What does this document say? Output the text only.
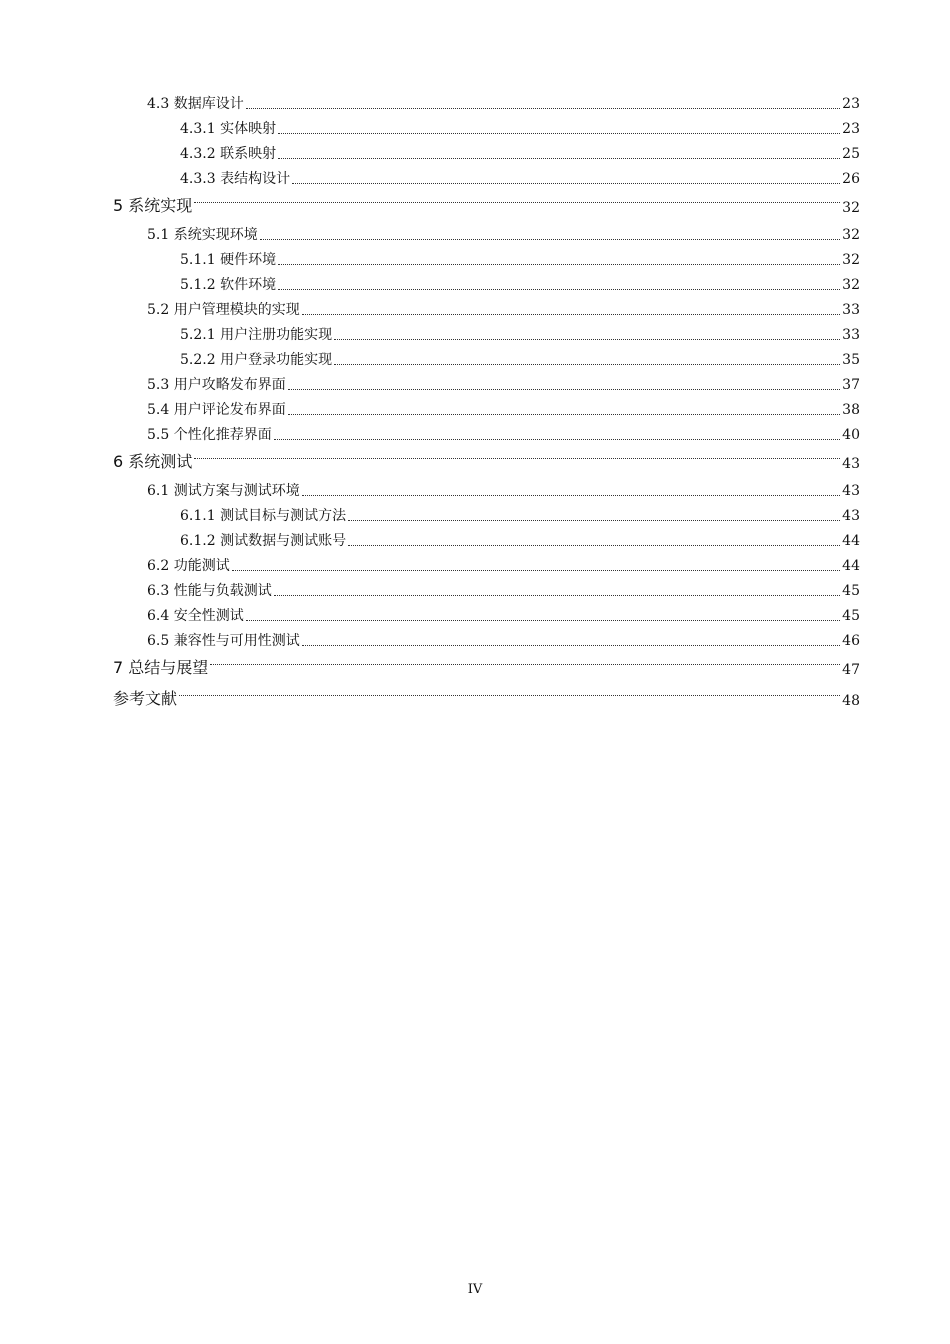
4.3 数据库设计	23
4.3.1 实体映射	23
4.3.2 联系映射	25
4.3.3 表结构设计	26
5 系统实现	32
5.1 系统实现环境	32
5.1.1 硬件环境	32
5.1.2 软件环境	32
5.2 用户管理模块的实现	33
5.2.1 用户注册功能实现	33
5.2.2 用户登录功能实现	35
5.3 用户攻略发布界面	37
5.4 用户评论发布界面	38
5.5 个性化推荐界面	40
6 系统测试	43
6.1 测试方案与测试环境	43
6.1.1 测试目标与测试方法	43
6.1.2 测试数据与测试账号	44
6.2 功能测试	44
6.3 性能与负载测试	45
6.4 安全性测试	45
6.5 兼容性与可用性测试	46
7 总结与展望	47
参考文献	48
IV
